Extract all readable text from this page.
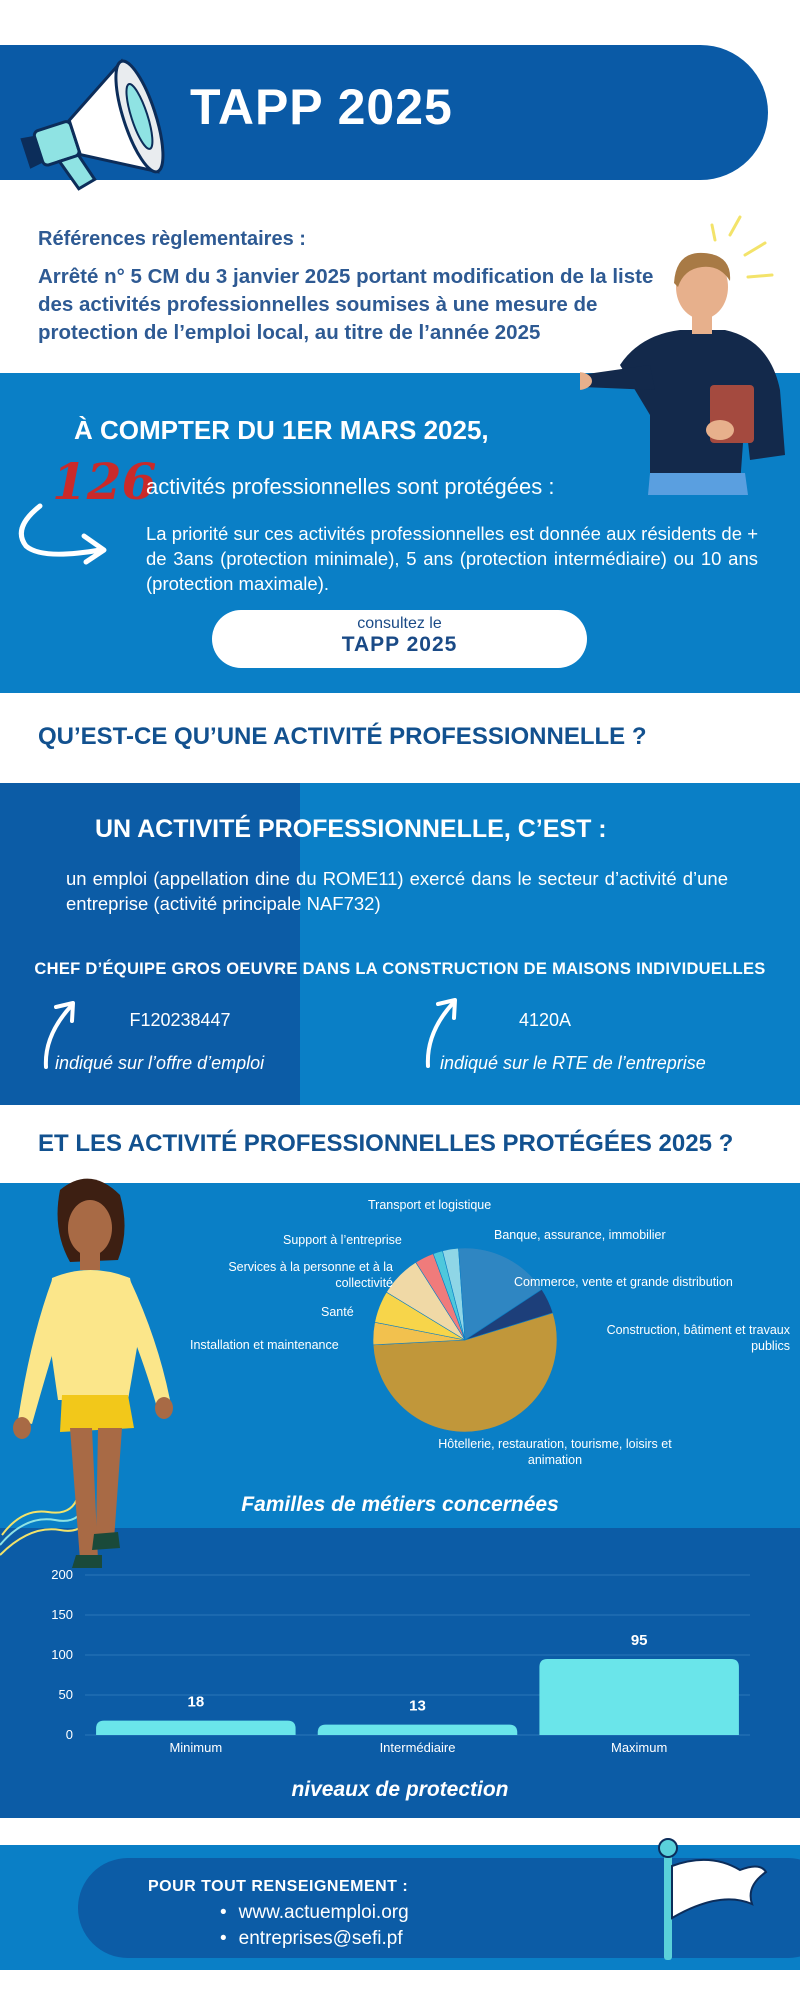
TAPP 2025
Références règlementaires :
Arrêté n° 5 CM du 3 janvier 2025 portant modification de la liste des activités professionnelles soumises à une mesure de protection de l’emploi local, au titre de l’année 2025
À COMPTER DU 1ER MARS 2025,
126
activités professionnelles sont protégées :
La priorité sur ces activités professionnelles est donnée aux résidents de + de 3ans (protection minimale), 5 ans (protection intermédiaire) ou 10 ans (protection maximale).
consultez le
TAPP 2025
QU’EST-CE QU’UNE ACTIVITÉ PROFESSIONNELLE ?
UN ACTIVITÉ PROFESSIONNELLE, C’EST :
un emploi (appellation dine du ROME11) exercé dans le secteur d’activité d’une entreprise (activité principale NAF732)
CHEF D’ÉQUIPE GROS OEUVRE DANS LA CONSTRUCTION DE MAISONS INDIVIDUELLES
F120238447	4120A
indiqué sur l’offre d’emploi	indiqué sur le RTE de l’entreprise
ET LES ACTIVITÉ PROFESSIONNELLES PROTÉGÉES 2025 ?
Transport et logistique
Support à l’entreprise	Banque, assurance, immobilier
Services à la personne et à la
collectivité	Commerce, vente et grande distribution
Santé
Construction, bâtiment et travaux
publics
Installation et maintenance
Hôtellerie, restauration, tourisme, loisirs et
animation
Familles de métiers concernées
0
50
100
150
200
18
Minimum
13
Intermédiaire
95
Maximum
niveaux de protection
POUR TOUT RENSEIGNEMENT :
• www.actuemploi.org
• entreprises@sefi.pf
